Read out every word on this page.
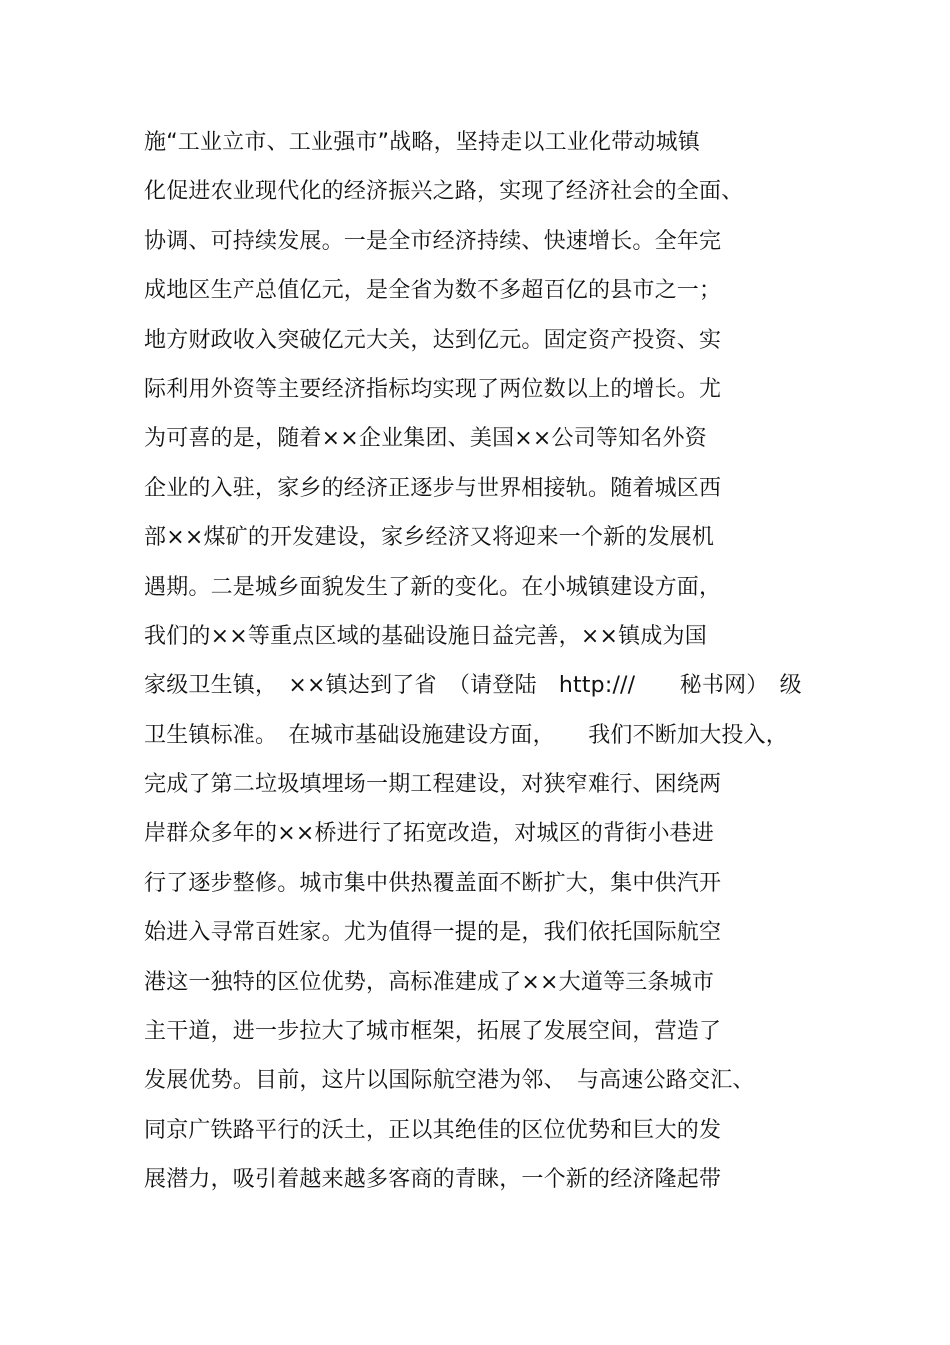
施“工业立市、工业强市”战略，坚持走以工业化带动城镇
化促进农业现代化的经济振兴之路，实现了经济社会的全面、
协调、可持续发展。一是全市经济持续、快速增长。全年完
成地区生产总值亿元，是全省为数不多超百亿的县市之一；
地方财政收入突破亿元大关，达到亿元。固定资产投资、实
际利用外资等主要经济指标均实现了两位数以上的增长。尤
为可喜的是，随着××企业集团、美国××公司等知名外资
企业的入驻，家乡的经济正逐步与世界相接轨。随着城区西
部××煤矿的开发建设，家乡经济又将迎来一个新的发展机
遇期。二是城乡面貌发生了新的变化。在小城镇建设方面，
我们的××等重点区域的基础设施日益完善，××镇成为国
家级卫生镇，　××镇达到了省　（请登陆　http:///　　秘书网）　级
卫生镇标准。　在城市基础设施建设方面，　　我们不断加大投入，
完成了第二垃圾填埋场一期工程建设，对狭窄难行、困绕两
岸群众多年的××桥进行了拓宽改造，对城区的背街小巷进
行了逐步整修。城市集中供热覆盖面不断扩大，集中供汽开
始进入寻常百姓家。尤为值得一提的是，我们依托国际航空
港这一独特的区位优势，高标准建成了××大道等三条城市
主干道，进一步拉大了城市框架，拓展了发展空间，营造了
发展优势。目前，这片以国际航空港为邻、　与高速公路交汇、
同京广铁路平行的沃土，正以其绝佳的区位优势和巨大的发
展潜力，吸引着越来越多客商的青睐，一个新的经济隆起带
